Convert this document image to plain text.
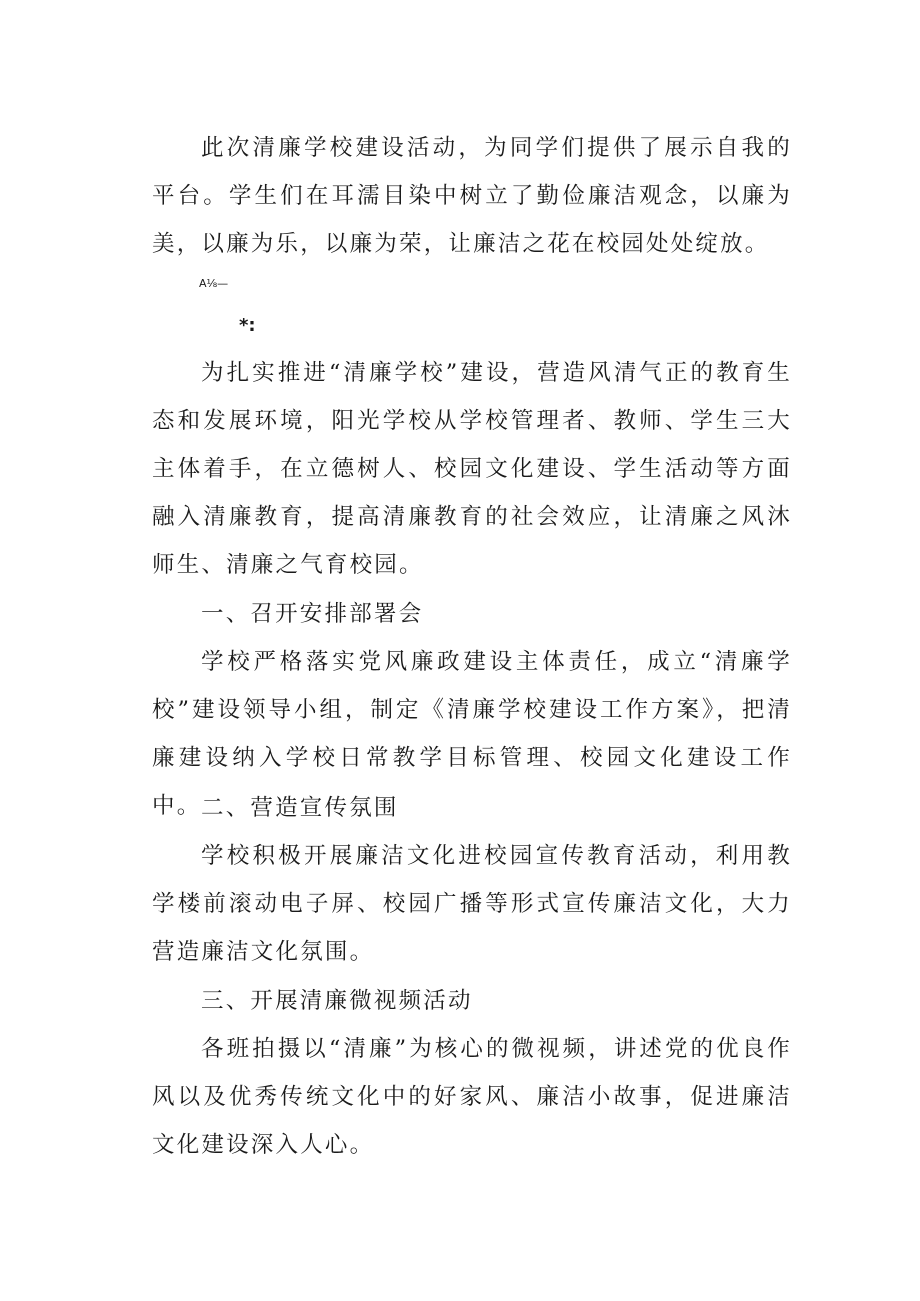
此次清廉学校建设活动，为同学们提供了展示自我的平台。学生们在耳濡目染中树立了勤俭廉洁观念，以廉为美，以廉为乐，以廉为荣，让廉洁之花在校园处处绽放。

A⅛—

*:

为扎实推进“清廉学校”建设，营造风清气正的教育生态和发展环境，阳光学校从学校管理者、教师、学生三大主体着手，在立德树人、校园文化建设、学生活动等方面融入清廉教育，提高清廉教育的社会效应，让清廉之风沐师生、清廉之气育校园。

一、召开安排部署会

学校严格落实党风廉政建设主体责任，成立“清廉学校”建设领导小组，制定《清廉学校建设工作方案》，把清廉建设纳入学校日常教学目标管理、校园文化建设工作中。 二、营造宣传氛围

学校积极开展廉洁文化进校园宣传教育活动，利用教学楼前滚动电子屏、校园广播等形式宣传廉洁文化，大力营造廉洁文化氛围。

三、开展清廉微视频活动

各班拍摄以“清廉”为核心的微视频，讲述党的优良作风以及优秀传统文化中的好家风、廉洁小故事，促进廉洁文化建设深入人心。
